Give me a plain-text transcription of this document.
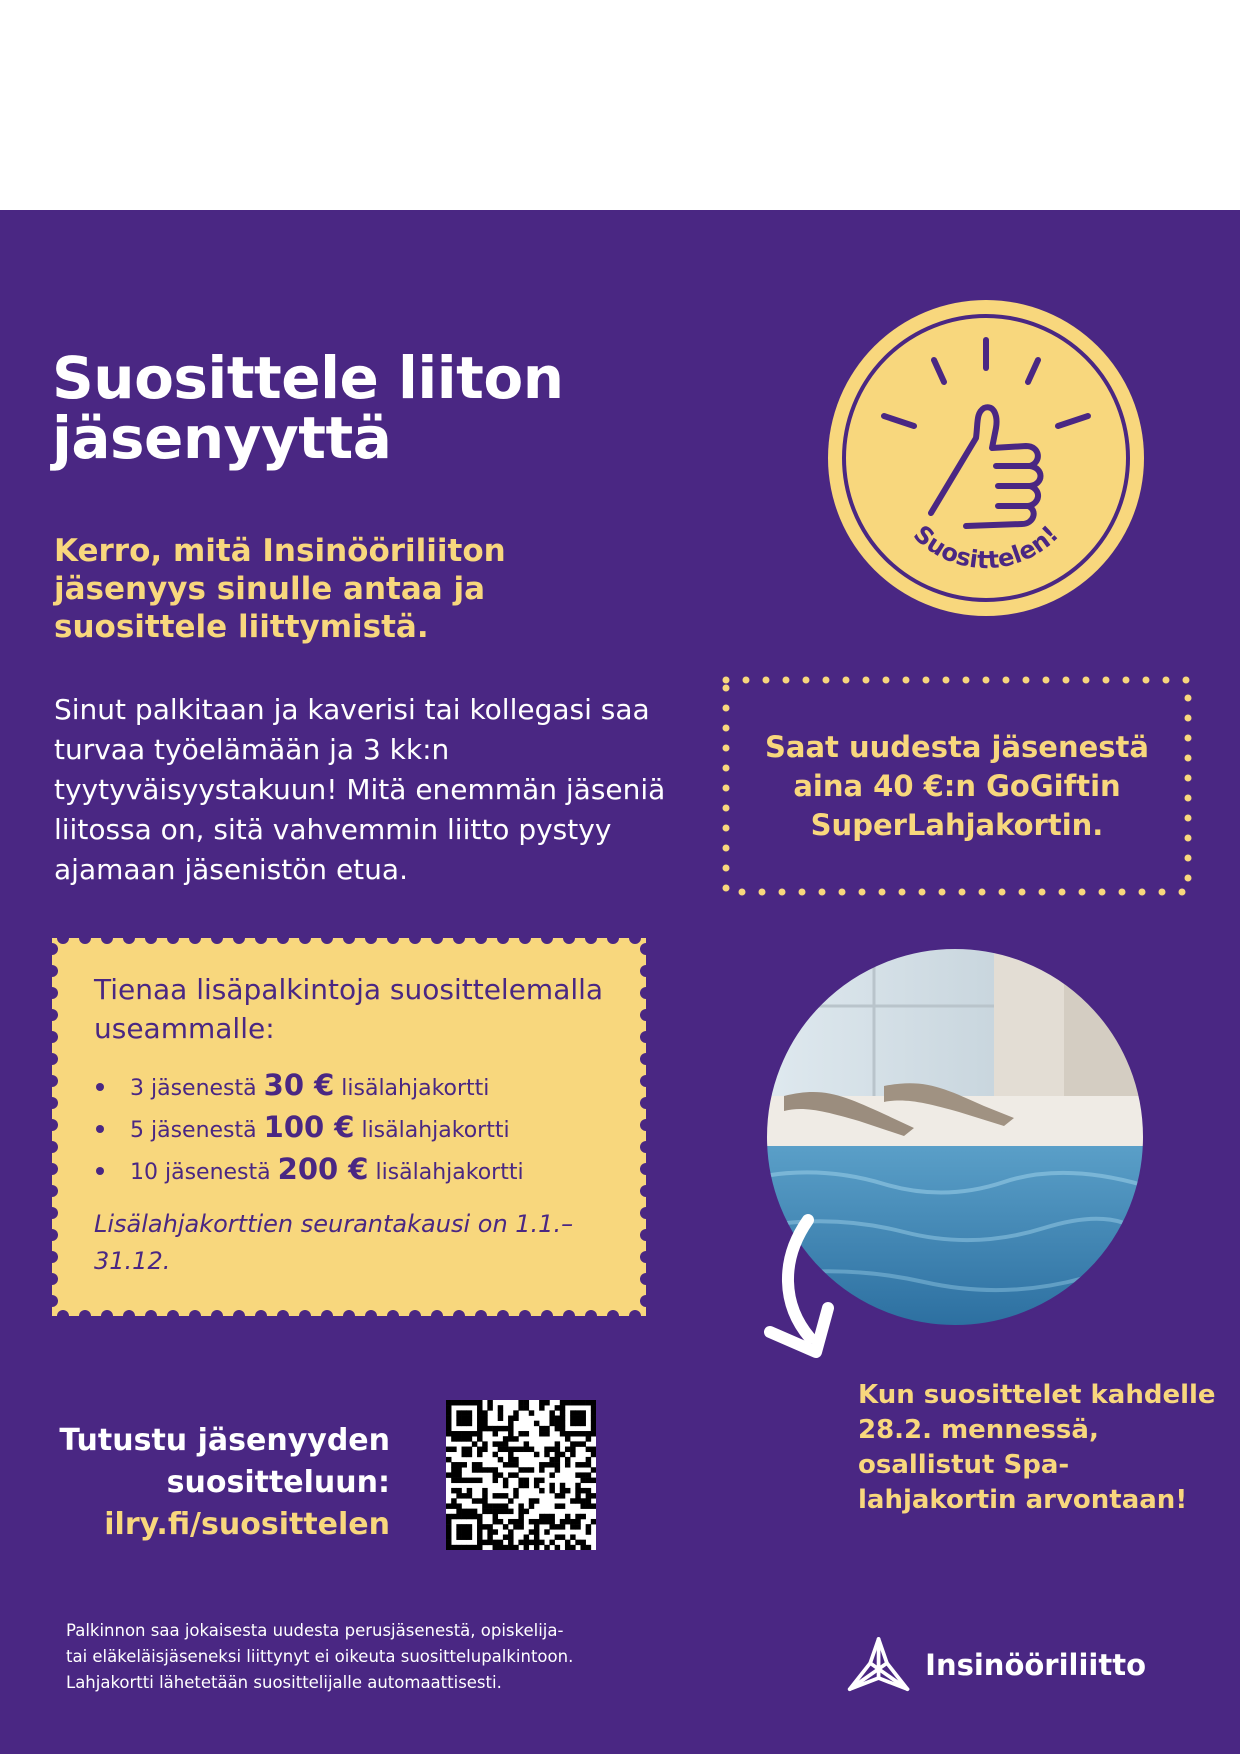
Suosittele liiton
jäsenyyttä

Kerro, mitä Insinööriliiton jäsenyys sinulle antaa ja suosittele liittymistä.

Sinut palkitaan ja kaverisi tai kollegasi saa turvaa työelämään ja 3 kk:n tyytyväisyystakuun! Mitä enemmän jäseniä liitossa on, sitä vahvemmin liitto pystyy ajamaan jäsenistön etua.

Suosittelen!

Saat uudesta jäsenestä aina 40 €:n GoGiftin SuperLahjakortin.

Tienaa lisäpalkintoja suosittelemalla useammalle:

3 jäsenestä 30 € lisälahjakortti
5 jäsenestä 100 € lisälahjakortti
10 jäsenestä 200 € lisälahjakortti

Lisälahjakorttien seurantakausi on 1.1.–31.12.

Kun suosittelet kahdelle 28.2. mennessä, osallistut Spa-lahjakortin arvontaan!

Tutustu jäsenyyden
suositteluun:
ilry.fi/suosittelen
Palkinnon saa jokaisesta uudesta perusjäsenestä, opiskelija-
tai eläkeläisjäseneksi liittynyt ei oikeuta suosittelupalkintoon.
Lahjakortti lähetetään suosittelijalle automaattisesti.
Insinööriliitto
